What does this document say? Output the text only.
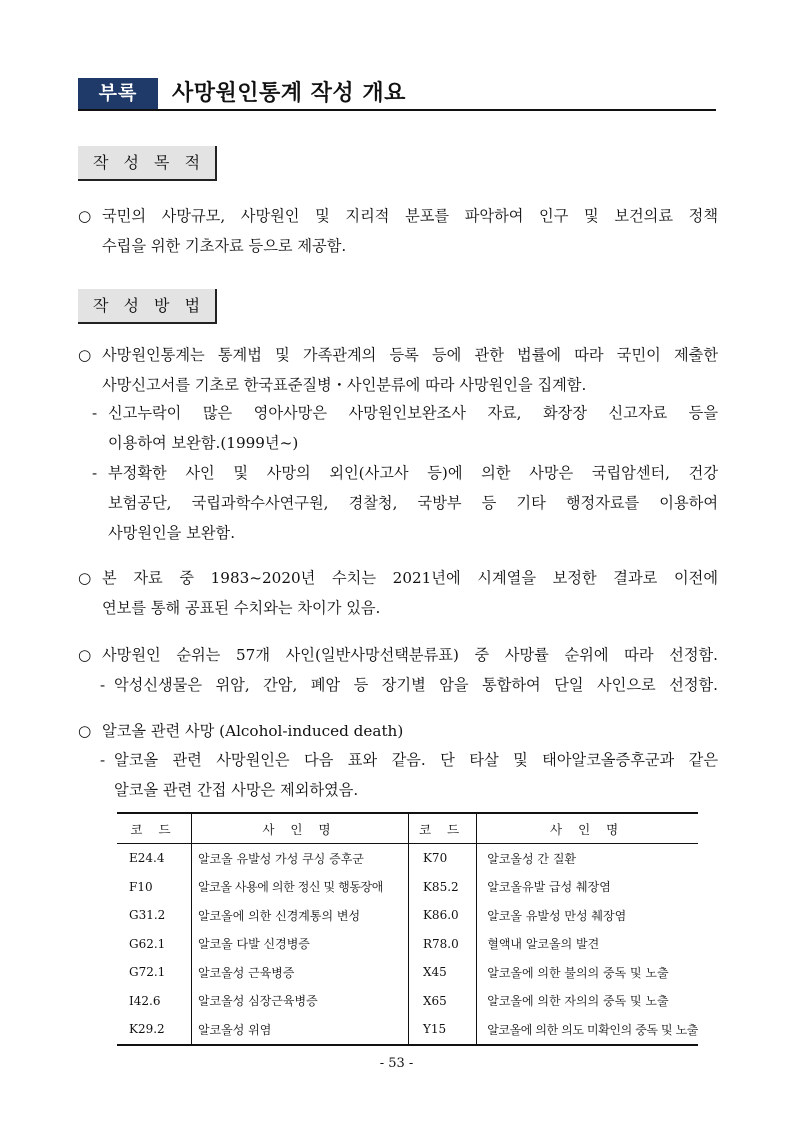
부록	사망원인통계 작성 개요
작 성 목 적
○ 국민의 사망규모, 사망원인 및 지리적 분포를 파악하여 인구 및 보건의료 정책
수립을 위한 기초자료 등으로 제공함.
작 성 방 법
○ 사망원인통계는 통계법 및 가족관계의 등록 등에 관한 법률에 따라 국민이 제출한
사망신고서를 기초로 한국표준질병・사인분류에 따라 사망원인을 집계함.
- 신고누락이 많은 영아사망은 사망원인보완조사 자료, 화장장 신고자료 등을
이용하여 보완함.(1999년~)
- 부정확한 사인 및 사망의 외인(사고사 등)에 의한 사망은 국립암센터, 건강
보험공단, 국립과학수사연구원, 경찰청, 국방부 등 기타 행정자료를 이용하여
사망원인을 보완함.
○ 본 자료 중 1983~2020년 수치는 2021년에 시계열을 보정한 결과로 이전에
연보를 통해 공표된 수치와는 차이가 있음.
○ 사망원인 순위는 57개 사인(일반사망선택분류표) 중 사망률 순위에 따라 선정함.
- 악성신생물은 위암, 간암, 폐암 등 장기별 암을 통합하여 단일 사인으로 선정함.
○ 알코올 관련 사망 (Alcohol-induced death)
- 알코올 관련 사망원인은 다음 표와 같음. 단 타살 및 태아알코올증후군과 같은
알코올 관련 간접 사망은 제외하였음.
코 드	사 인 명	코 드	사 인 명
E24.4	알코올 유발성 가성 쿠싱 증후군	K70	알코올성 간 질환
F10	알코올 사용에 의한 정신 및 행동장애	K85.2	알코올유발 급성 췌장염
G31.2	알코올에 의한 신경계통의 변성	K86.0	알코올 유발성 만성 췌장염
G62.1	알코올 다발 신경병증	R78.0	혈액내 알코올의 발견
G72.1	알코올성 근육병증	X45	알코올에 의한 불의의 중독 및 노출
I42.6	알코올성 심장근육병증	X65	알코올에 의한 자의의 중독 및 노출
K29.2	알코올성 위염	Y15	알코올에 의한 의도 미확인의 중독 및 노출
- 53 -
